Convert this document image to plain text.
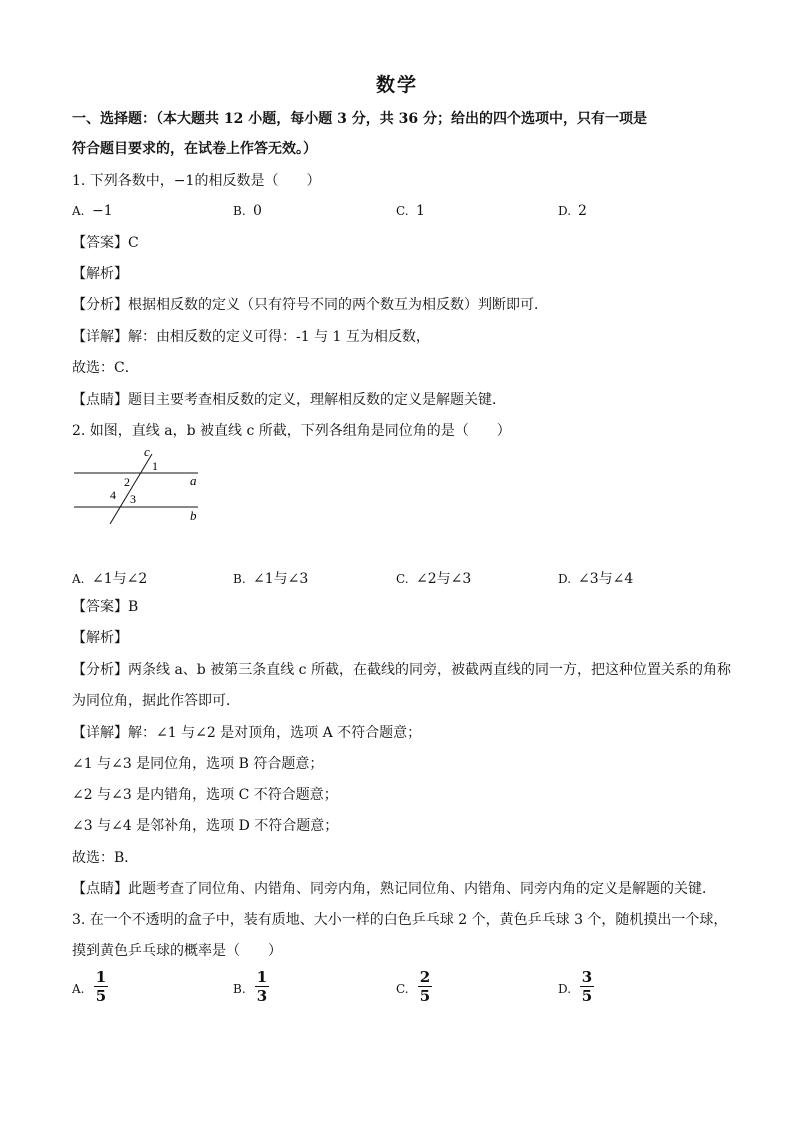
数学
一、选择题：（本大题共 12 小题，每小题 3 分，共 36 分；给出的四个选项中，只有一项是
符合题目要求的，在试卷上作答无效。）
1. 下列各数中，−1的相反数是（　　）
A. −1	B. 0	C. 1	D. 2
【答案】C
【解析】
【分析】根据相反数的定义（只有符号不同的两个数互为相反数）判断即可．
【详解】解：由相反数的定义可得：-1 与 1 互为相反数，
故选：C．
【点睛】题目主要考查相反数的定义，理解相反数的定义是解题关键．
2. 如图，直线 a，b 被直线 c 所截，下列各组角是同位角的是（　　）
c
a
b
1
2
3
4
A. ∠1与∠2	B. ∠1与∠3	C. ∠2与∠3	D. ∠3与∠4
【答案】B
【解析】
【分析】两条线 a、b 被第三条直线 c 所截，在截线的同旁，被截两直线的同一方，把这种位置关系的角称
为同位角，据此作答即可．
【详解】解：∠1 与∠2 是对顶角，选项 A 不符合题意；
∠1 与∠3 是同位角，选项 B 符合题意；
∠2 与∠3 是内错角，选项 C 不符合题意；
∠3 与∠4 是邻补角，选项 D 不符合题意；
故选：B．
【点睛】此题考查了同位角、内错角、同旁内角，熟记同位角、内错角、同旁内角的定义是解题的关键．
3. 在一个不透明的盒子中，装有质地、大小一样的白色乒乓球 2 个，黄色乒乓球 3 个，随机摸出一个球，
摸到黄色乒乓球的概率是（　　）
A. $\frac{1}{5}$	B. $\frac{1}{3}$	C. $\frac{2}{5}$	D. $\frac{3}{5}$
